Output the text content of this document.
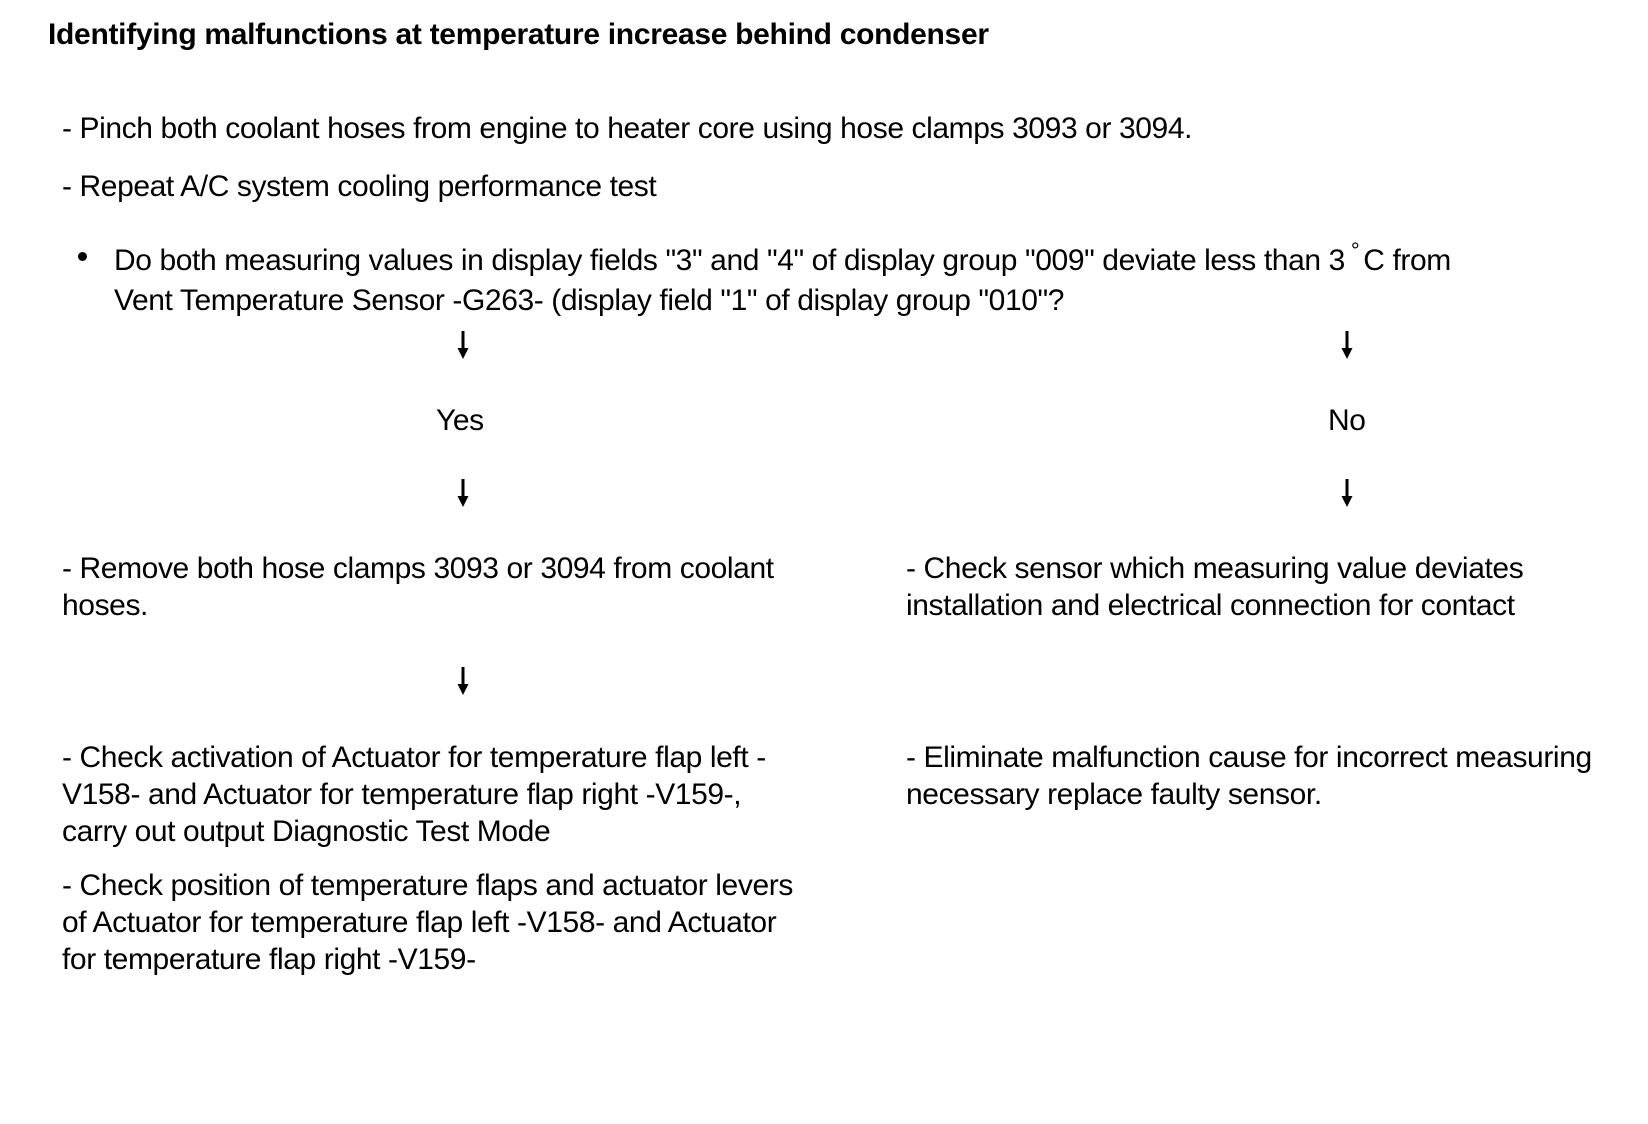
Identifying malfunctions at temperature increase behind condenser
- Pinch both coolant hoses from engine to heater core using hose clamps 3093 or 3094.
- Repeat A/C system cooling performance test
Do both measuring values in display fields "3" and "4" of display group "009" deviate less than 3 ° C from
Vent Temperature Sensor -G263- (display field "1" of display group "010"?
Yes	No
- Remove both hose clamps 3093 or 3094 from coolant
hoses.
- Check activation of Actuator for temperature flap left -
V158- and Actuator for temperature flap right -V159-,
carry out output Diagnostic Test Mode
- Check position of temperature flaps and actuator levers
of Actuator for temperature flap left -V158- and Actuator
for temperature flap right -V159-
- Check sensor which measuring value deviates
installation and electrical connection for contact
- Eliminate malfunction cause for incorrect measuring
necessary replace faulty sensor.
